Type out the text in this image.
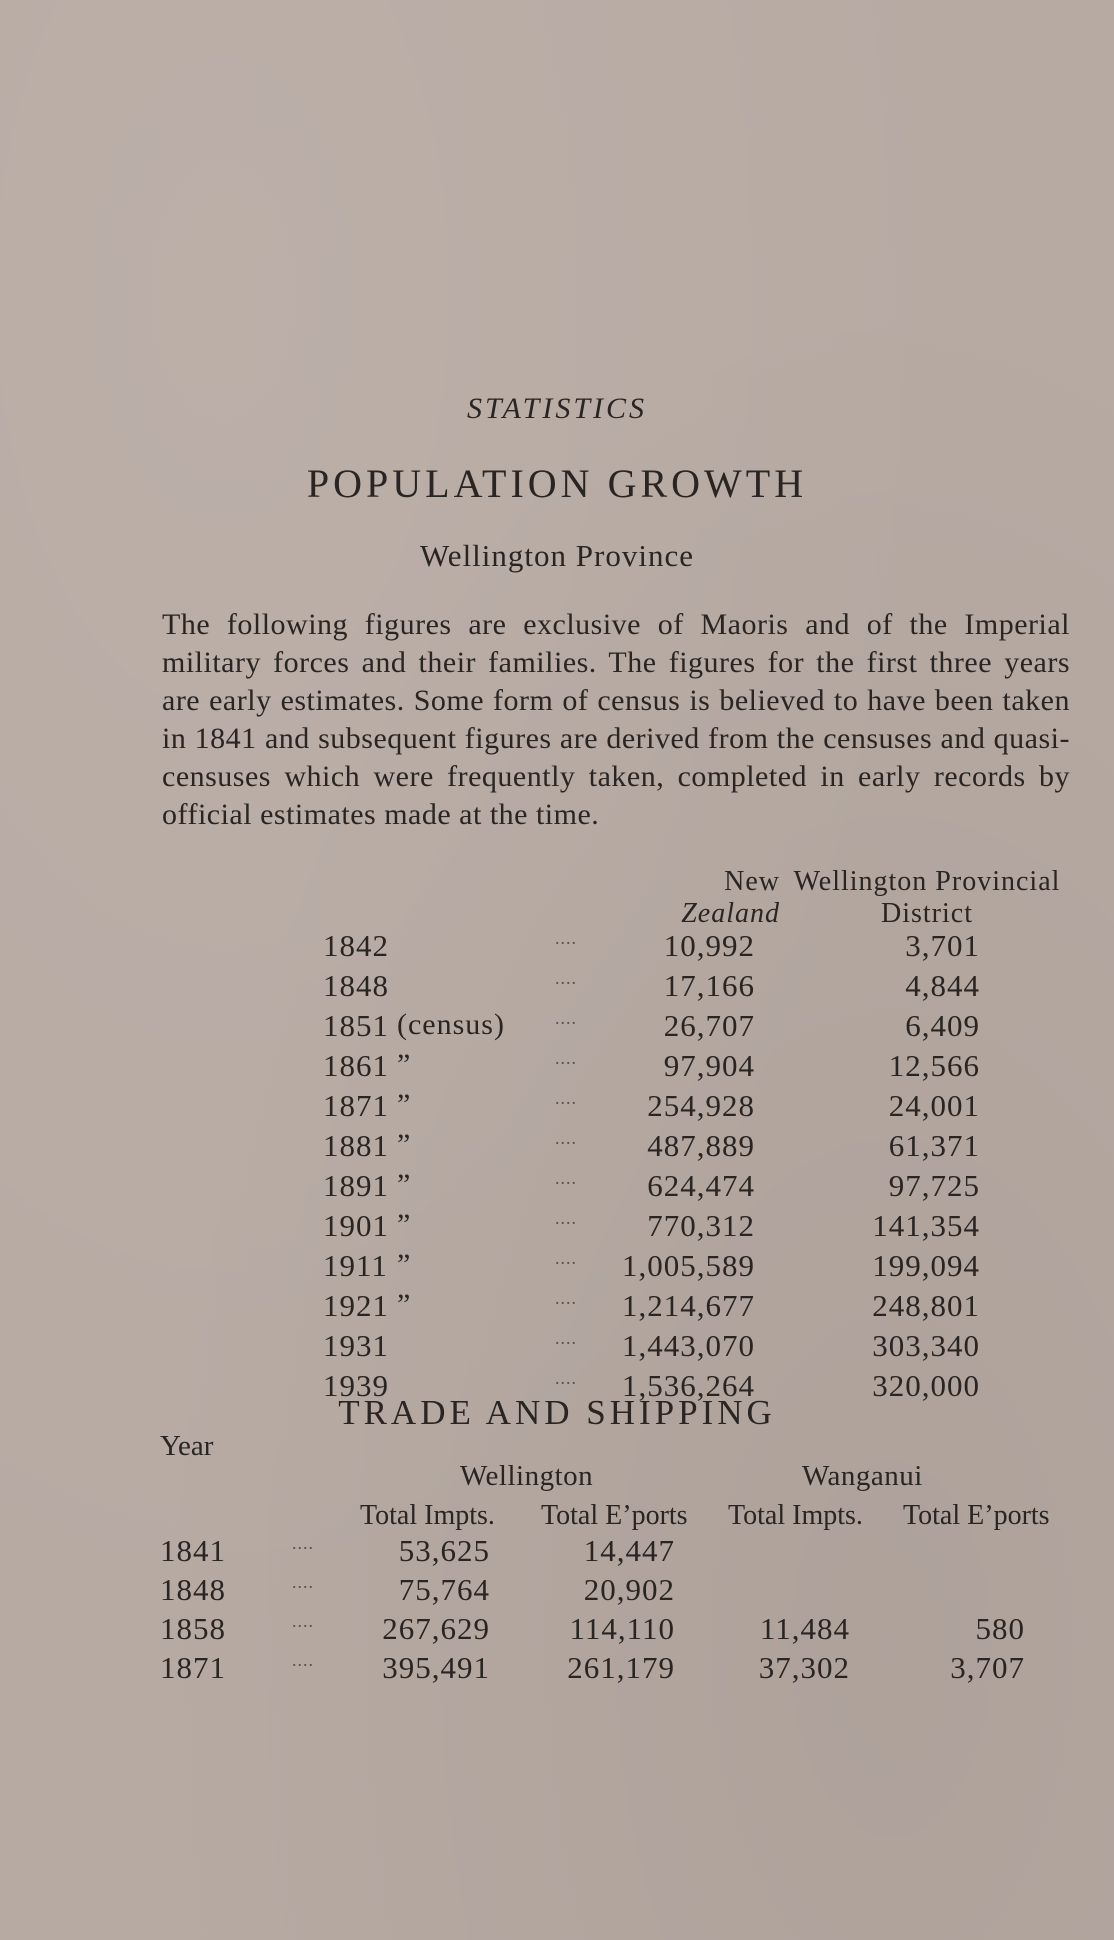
STATISTICS
POPULATION GROWTH
Wellington Province
The following figures are exclusive of Maoris and of the Imperial military forces and their families. The figures for the first three years are early estimates. Some form of census is believed to have been taken in 1841 and subsequent figures are derived from the censuses and quasi-censuses which were frequently taken, completed in early records by official estimates made at the time.
New
Zealand
Wellington Provincial
District
1842	....	10,992	3,701
1848	....	17,166	4,844
1851 (census)	....	26,707	6,409
1861 ”	....	97,904	12,566
1871 ”	....	254,928	24,001
1881 ”	....	487,889	61,371
1891 ”	....	624,474	97,725
1901 ”	....	770,312	141,354
1911 ”	....	1,005,589	199,094
1921 ”	....	1,214,677	248,801
1931	....	1,443,070	303,340
1939	....	1,536,264	320,000
TRADE AND SHIPPING
Year
Wellington	Wanganui
Total Impts. Total E’ports Total Impts. Total E’ports
1841	....	53,625	14,447
1848	....	75,764	20,902
1858	....	267,629	114,110	11,484	580
1871	....	395,491	261,179	37,302	3,707
